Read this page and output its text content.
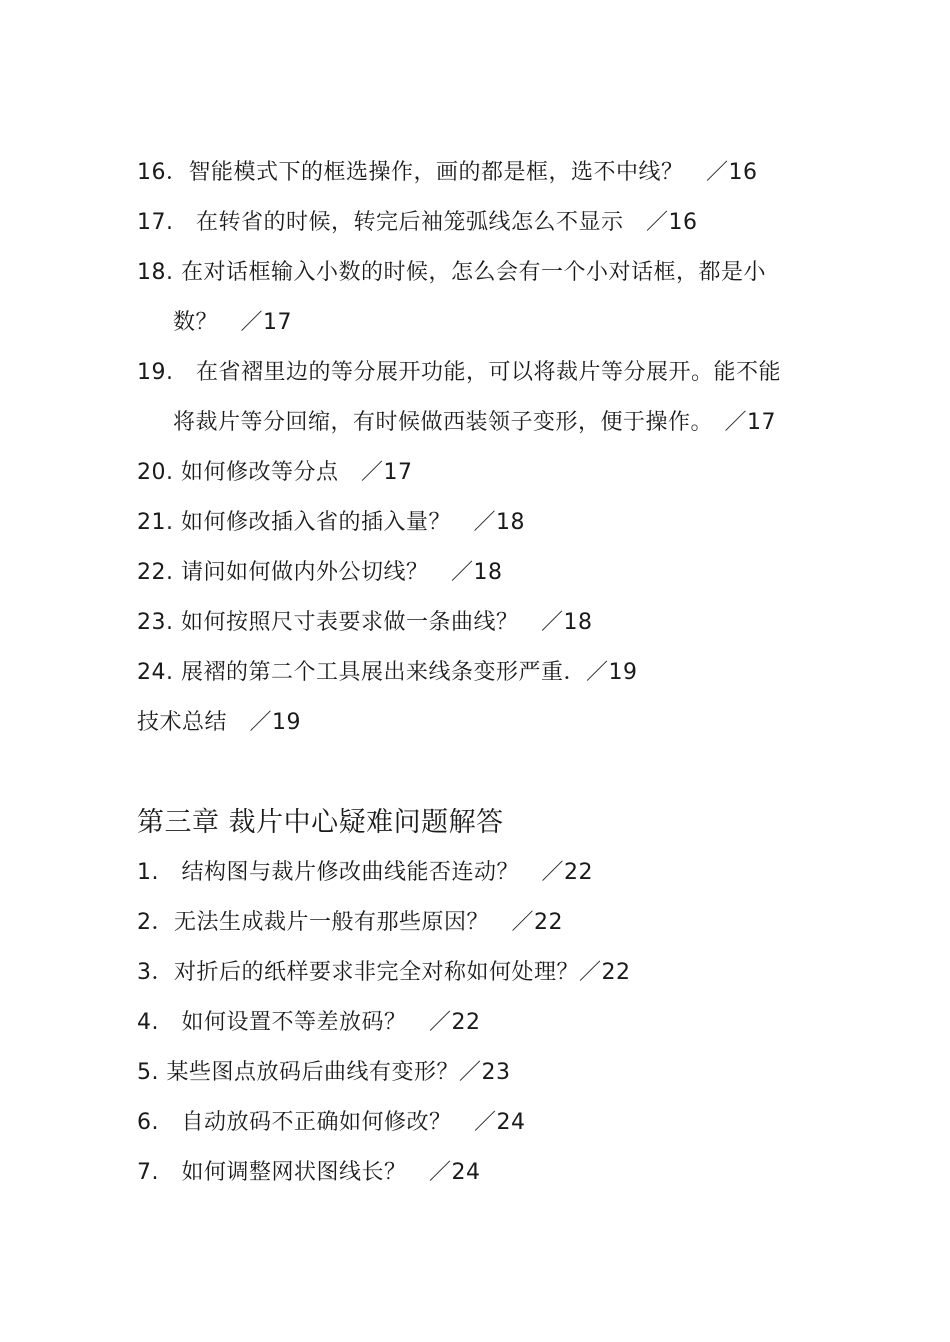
16．智能模式下的框选操作，画的都是框，选不中线？　／16
17.　在转省的时候，转完后袖笼弧线怎么不显示　／16
18. 在对话框输入小数的时候，怎么会有一个小对话框，都是小
数？　／17
19.　在省褶里边的等分展开功能，可以将裁片等分展开。能不能
将裁片等分回缩，有时候做西装领子变形，便于操作。　／17
20. 如何修改等分点　／17
21. 如何修改插入省的插入量？　／18
22. 请问如何做内外公切线？　／18
23. 如何按照尺寸表要求做一条曲线？　／18
24. 展褶的第二个工具展出来线条变形严重．／19
技术总结　／19
第三章 裁片中心疑难问题解答
1.　结构图与裁片修改曲线能否连动？　／22
2．无法生成裁片一般有那些原因？　／22
3．对折后的纸样要求非完全对称如何处理？／22
4.　如何设置不等差放码？　／22
5. 某些图点放码后曲线有变形？／23
6.　自动放码不正确如何修改？　／24
7.　如何调整网状图线长？　／24
